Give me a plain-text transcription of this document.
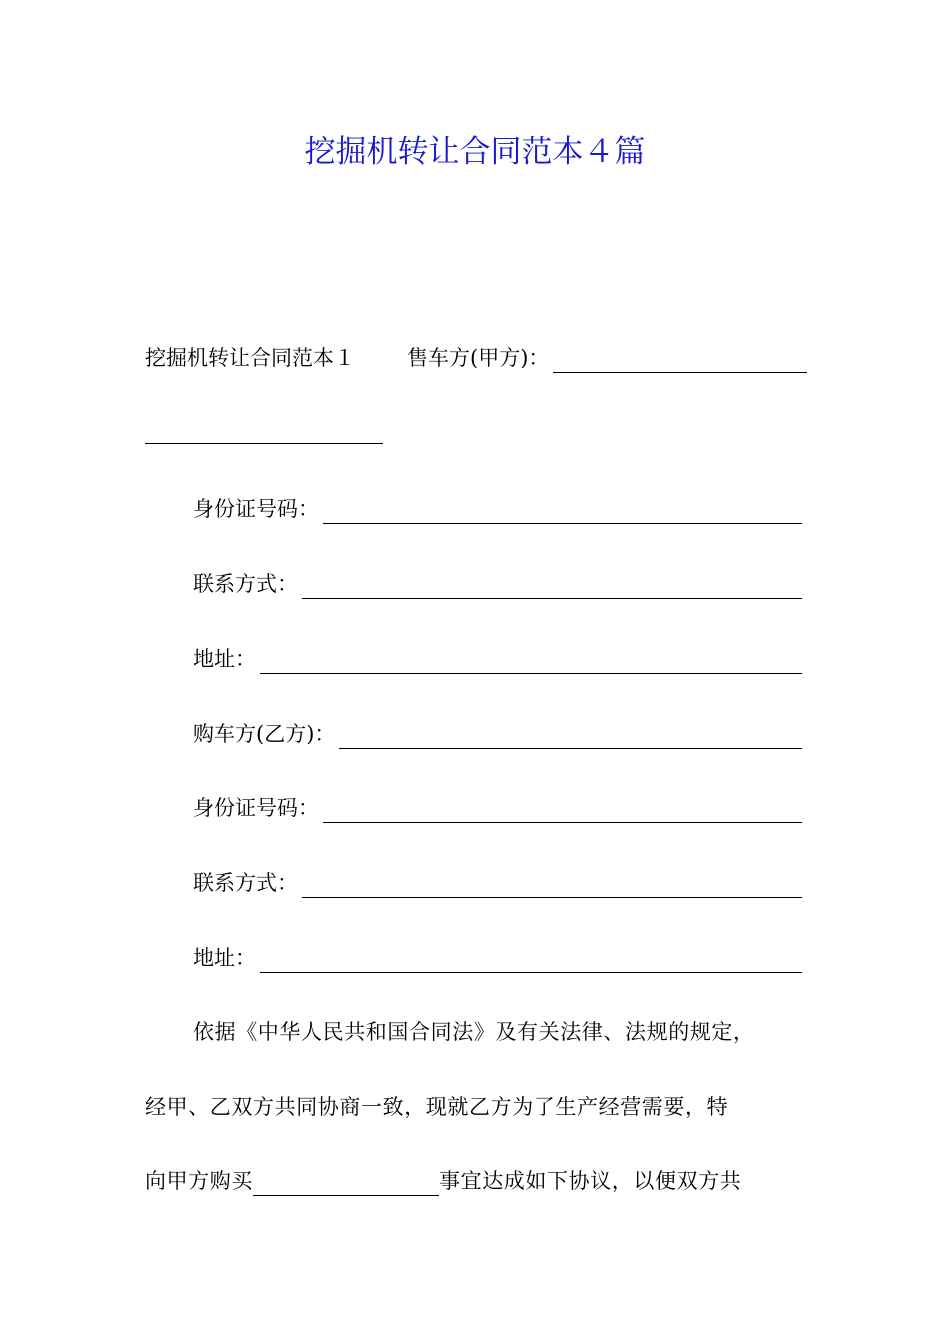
挖掘机转让合同范本４篇
挖掘机转让合同范本１ 售车方(甲方)：
身份证号码：
联系方式：
地址：
购车方(乙方)：
身份证号码：
联系方式：
地址：
依据《中华人民共和国合同法》及有关法律、法规的规定，
经甲、乙双方共同协商一致，现就乙方为了生产经营需要，特
向甲方购买	事宜达成如下协议，以便双方共
